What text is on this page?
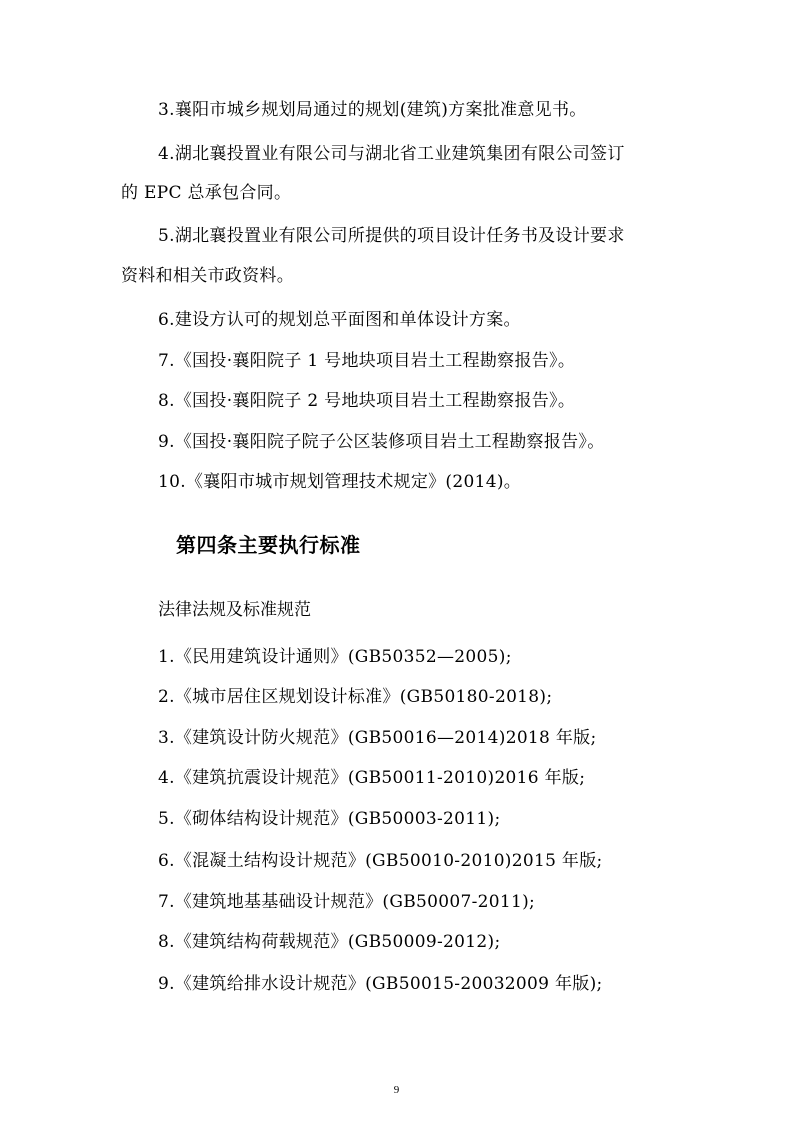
3.襄阳市城乡规划局通过的规划(建筑)方案批准意见书。
4.湖北襄投置业有限公司与湖北省工业建筑集团有限公司签订
的 EPC 总承包合同。
5.湖北襄投置业有限公司所提供的项目设计任务书及设计要求
资料和相关市政资料。
6.建设方认可的规划总平面图和单体设计方案。
7.《国投·襄阳院子 1 号地块项目岩土工程勘察报告》。
8.《国投·襄阳院子 2 号地块项目岩土工程勘察报告》。
9.《国投·襄阳院子院子公区装修项目岩土工程勘察报告》。
10.《襄阳市城市规划管理技术规定》(2014)。
第四条主要执行标准
法律法规及标准规范
1.《民用建筑设计通则》(GB50352—2005);
2.《城市居住区规划设计标准》(GB50180-2018);
3.《建筑设计防火规范》(GB50016—2014)2018 年版;
4.《建筑抗震设计规范》(GB50011-2010)2016 年版;
5.《砌体结构设计规范》(GB50003-2011);
6.《混凝土结构设计规范》(GB50010-2010)2015 年版;
7.《建筑地基基础设计规范》(GB50007-2011);
8.《建筑结构荷载规范》(GB50009-2012);
9.《建筑给排水设计规范》(GB50015-20032009 年版);
9
